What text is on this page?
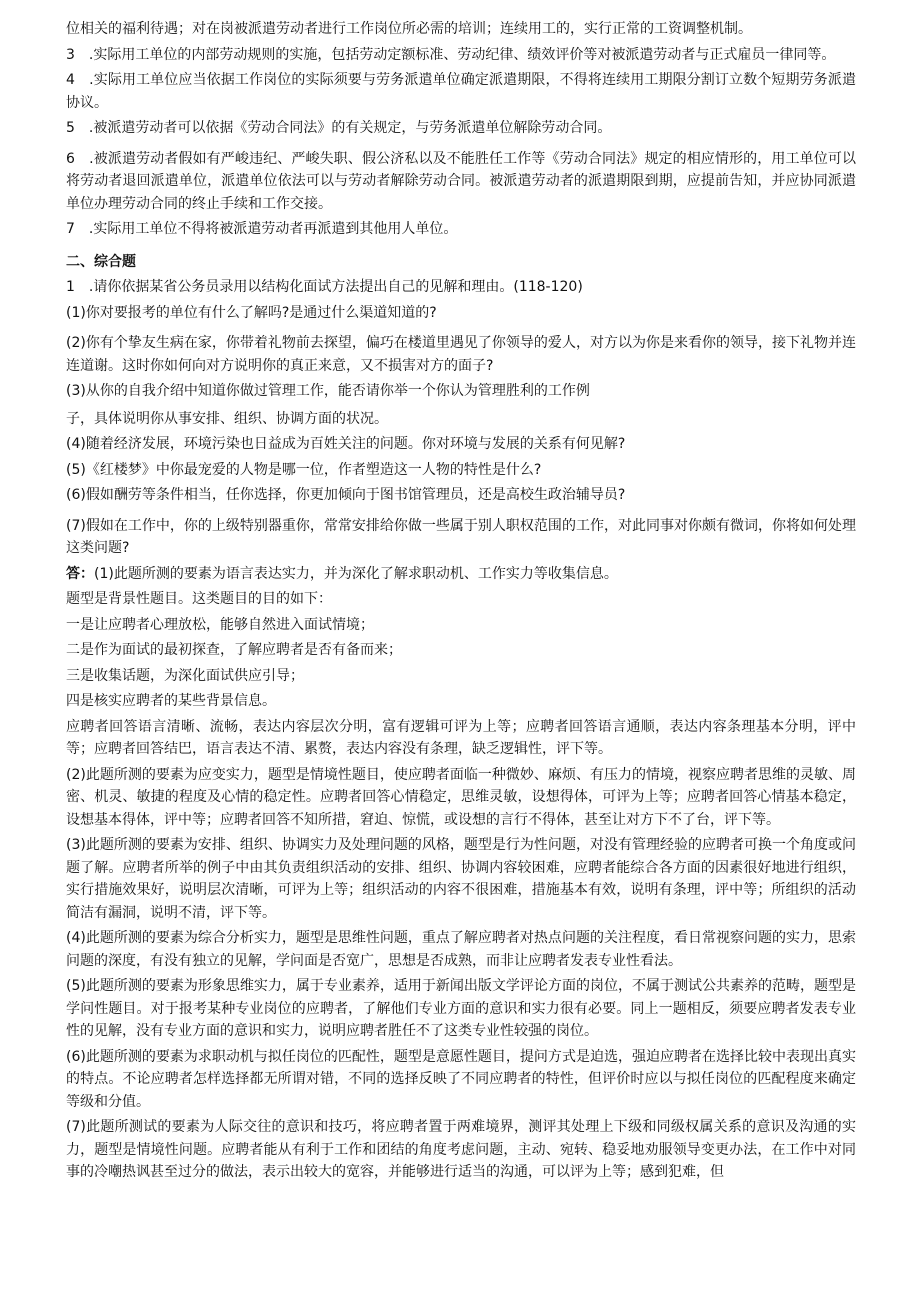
位相关的福利待遇；对在岗被派遣劳动者进行工作岗位所必需的培训；连续用工的，实行正常的工资调整机制。

3　.实际用工单位的内部劳动规则的实施，包括劳动定额标准、劳动纪律、绩效评价等对被派遣劳动者与正式雇员一律同等。

4　.实际用工单位应当依据工作岗位的实际须要与劳务派遣单位确定派遣期限，不得将连续用工期限分割订立数个短期劳务派遣协议。

5　.被派遣劳动者可以依据《劳动合同法》的有关规定，与劳务派遣单位解除劳动合同。

6　.被派遣劳动者假如有严峻违纪、严峻失职、假公济私以及不能胜任工作等《劳动合同法》规定的相应情形的，用工单位可以将劳动者退回派遣单位，派遣单位依法可以与劳动者解除劳动合同。被派遣劳动者的派遣期限到期，应提前告知，并应协同派遣单位办理劳动合同的终止手续和工作交接。

7　.实际用工单位不得将被派遣劳动者再派遣到其他用人单位。

二、综合题

1　.请你依据某省公务员录用以结构化面试方法提出自己的见解和理由。(118-120)

(1)你对要报考的单位有什么了解吗?是通过什么渠道知道的?

(2)你有个挚友生病在家，你带着礼物前去探望，偏巧在楼道里遇见了你领导的爱人，对方以为你是来看你的领导，接下礼物并连连道谢。这时你如何向对方说明你的真正来意，又不损害对方的面子?

(3)从你的自我介绍中知道你做过管理工作，能否请你举一个你认为管理胜利的工作例

子，具体说明你从事安排、组织、协调方面的状况。

(4)随着经济发展，环境污染也日益成为百姓关注的问题。你对环境与发展的关系有何见解?

(5)《红楼梦》中你最宠爱的人物是哪一位，作者塑造这一人物的特性是什么?

(6)假如酬劳等条件相当，任你选择，你更加倾向于图书馆管理员，还是高校生政治辅导员?

(7)假如在工作中，你的上级特别器重你，常常安排给你做一些属于别人职权范围的工作，对此同事对你颇有微词，你将如何处理这类问题?

答：(1)此题所测的要素为语言表达实力，并为深化了解求职动机、工作实力等收集信息。

题型是背景性题目。这类题目的目的如下：

一是让应聘者心理放松，能够自然进入面试情境；

二是作为面试的最初探查，了解应聘者是否有备而来；

三是收集话题，为深化面试供应引导；

四是核实应聘者的某些背景信息。

应聘者回答语言清晰、流畅，表达内容层次分明，富有逻辑可评为上等；应聘者回答语言通顺，表达内容条理基本分明，评中等；应聘者回答结巴，语言表达不清、累赘，表达内容没有条理，缺乏逻辑性，评下等。

(2)此题所测的要素为应变实力，题型是情境性题目，使应聘者面临一种微妙、麻烦、有压力的情境，视察应聘者思维的灵敏、周密、机灵、敏捷的程度及心情的稳定性。应聘者回答心情稳定，思维灵敏，设想得体，可评为上等；应聘者回答心情基本稳定，设想基本得体，评中等；应聘者回答不知所措，窘迫、惊慌，或设想的言行不得体，甚至让对方下不了台，评下等。

(3)此题所测的要素为安排、组织、协调实力及处理问题的风格，题型是行为性问题，对没有管理经验的应聘者可换一个角度或问题了解。应聘者所举的例子中由其负责组织活动的安排、组织、协调内容较困难，应聘者能综合各方面的因素很好地进行组织，实行措施效果好，说明层次清晰，可评为上等；组织活动的内容不很困难，措施基本有效，说明有条理，评中等；所组织的活动简洁有漏洞，说明不清，评下等。

(4)此题所测的要素为综合分析实力，题型是思维性问题，重点了解应聘者对热点问题的关注程度，看日常视察问题的实力，思索问题的深度，有没有独立的见解，学问面是否宽广，思想是否成熟，而非让应聘者发表专业性看法。

(5)此题所测的要素为形象思维实力，属于专业素养，适用于新闻出版文学评论方面的岗位，不属于测试公共素养的范畴，题型是学问性题目。对于报考某种专业岗位的应聘者，了解他们专业方面的意识和实力很有必要。同上一题相反，须要应聘者发表专业性的见解，没有专业方面的意识和实力，说明应聘者胜任不了这类专业性较强的岗位。

(6)此题所测的要素为求职动机与拟任岗位的匹配性，题型是意愿性题目，提问方式是迫选，强迫应聘者在选择比较中表现出真实的特点。不论应聘者怎样选择都无所谓对错，不同的选择反映了不同应聘者的特性，但评价时应以与拟任岗位的匹配程度来确定等级和分值。

(7)此题所测试的要素为人际交往的意识和技巧，将应聘者置于两难境界，测评其处理上下级和同级权属关系的意识及沟通的实力，题型是情境性问题。应聘者能从有利于工作和团结的角度考虑问题，主动、宛转、稳妥地劝服领导变更办法，在工作中对同事的冷嘲热讽甚至过分的做法，表示出较大的宽容，并能够进行适当的沟通，可以评为上等；感到犯难，但
